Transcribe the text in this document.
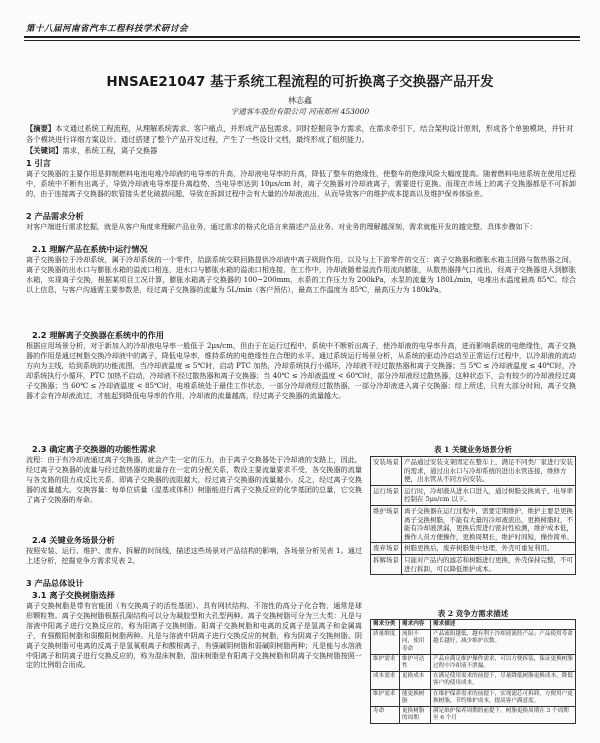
第十八届河南省汽车工程科技学术研讨会
HNSAE21047 基于系统工程流程的可折换离子交换器产品开发
林志鑫
宇通客车股份有限公司 河南郑州 453000
【摘要】本文通过系统工程流程，从理解系统需求、客户痛点，并形成产品包需求。同时挖掘竞争方需求，在需求牵引下，结合架构设计原则，形成各个单独模块，并针对各个模块进行详细方案设计。通过搭建了整个产品开发过程，产生了一些设计文档，最终形成了组织能力。
【关键词】需求，系统工程，离子交换器
1 引言
离子交换器的主要作用是抑制燃料电池电堆冷却液的电导率的升高，冷却液电导率的升高，降低了整车的绝缘性，使整车的绝缘风险大幅度提高。随着燃料电池系统在使用过程中，系统中不断有出离子，导致冷却液电导率提升离趋势，当电导率达到 10μs/cm 时，离子交换器对冷却液离子，需要进行更换。而现在市场上的离子交换器都是不可拆卸的，由于连接离子交换器的软管接头老化破损问题，导致在拆卸过程中会有大量的冷却液流出，从而导致客户的维护成本提高以及维护保养体验差。
2 产品需求分析
对客户端进行需求挖掘，就是从客户角度来理解产品业务，通过需求的格式化语言来描述产品业务、对业务的理解越深刻，需求就能开发的越完整，具体步骤如下：
2.1 理解产品在系统中运行情况
离子交换器位于冷却系统，属于冷却系统的一个零件，给副系统交联回路提供冷却液中离子吸附作用，以及与上下游零件的交互：离子交换器和膨胀水箱主回路与散热器之间，离子交换器的出水口与膨胀水箱的溢流口相连，进水口与膨胀水箱的溢流口相连接，在工作中，冷却液随着溢流作用流向膨胀，从散热器排气口流出，经离子交换器进入到膨胀水箱，实现离子交换，根据某项目工况计算，膨胀水箱离子交换器的 100~200mm，水系的工作压力为 200kPa，水泵的流量为 180L/min，电堆出水温度最高 85℃。综合以上信息，与客户沟通需主要参数是，经过离子交换器的流量为 5L/min（客户预估），最高工作温度为 85℃，最高压力为 180kPa。
2.2 理解离子交换器在系统中的作用
根据应用场景分析，对于新加入的冷却液电导率一般低于 2μs/cm，但由于在运行过程中，系统中不断析出离子，使冷却液的电导率升高，进而影响系统的电绝缘性，离子交换器的作用是通过树脂交换冷却液中的离子，降低电导率，维持系统的电绝缘性在合理的水平。通过系统运行场景分析，从系统的驱动冷启动至正常运行过程中，以冷却液的流动方向为主线，给到系统的功能流图，当冷却液温度 ≤ 5℃时，启动 PTC 加热，冷却系统执行小循环，冷却液不经过散热器和离子交换器；当 5℃ ≤ 冷却液温度 ≤ 40℃时，冷却系统执行小循环，PTC 加热不启动，冷却液不经过散热器和离子交换器；当 40℃ ≤ 冷却液温度 < 60℃时，部分冷却液经过散热器，这种状态下，会有较少的冷却液经过离子交换器；当 60℃ ≤ 冷却液温度 < 85℃时，电堆系统处于最佳工作状态，一部分冷却液经过散热器，一部分冷却液进入离子交换器；综上所述，只有大部分时间，离子交换器才会有冷却液流过，才能起到降低电导率的作用，冷却液的流量越高，经过离子交换器的流量越大。
2.3 确定离子交换器的功能性需求
流程：由于有冷却液通过离子交换器，就会产生一定的压力，由于离子交换器处于冷却液的支路上，因此，经过离子交换器的流量与经过散热器的流量存在一定的分配关系，数设主要流量要求不受，各交换器的流量与各支路的阻力成反比关系，即离子交换器的流阻越大，经过离子交换器的流量越小。反之，经过离子交换器的流量越大。交换容量：每单位质量（湿基或体积）树脂能进行离子交换反应的化学基团的总量，它交换了离子交换器的寿命。
2.4 关键业务场景分析
按照安装、运行、维护、废弃、拆解的时间线，描述这些场景对产品结构的影响，各场景分析见表 1。通过上述分析，挖掘竞争方需求见表 2。
3 产品总体设计
3.1 离子交换树脂选择
离子交换树脂是带有官能团（有交换离子的活性基团）、具有网状结构、不溶性的高分子化合物，通常是球形颗粒物。离子交换树脂根据孔隙结构可以分为凝胶型和大孔型两种。离子交换树脂可分为三大类：凡是与溶液中阳离子进行交换反应的，称为阳离子交换树脂。阳离子交换树脂和电离的反离子是氢离子和金属离子，有强酸阳树脂和弱酸阳树脂两种。凡是与溶液中阴离子进行交换反应的树脂，称为阴离子交换树脂。阴离子交换树脂可电离的反离子是氢氧根离子和酸根离子，有强碱阴树脂和弱碱阴树脂两种；凡是能与水溶液中阳离子和阴离子进行交换反应的，称为混床树脂，混床树脂是有阳离子交换树脂和阴离子交换树脂按照一定的比例组合而成。
表 1 关键业务场景分析
安装场景	产品通过安装支架固定在整车上，满足不同类厂家进行安装的需求，通过出水口与冷却系统的进出水管连接，维修方便，出水管从不同方向安装。
运行场景	运行时，冷却液从进水口进入，通过树脂交换离子，电导率控制在 5μs/cm 以下。
维护场景	离子交换器在运行过程中，需要定期维护，维护主要是更换离子交换树脂，不能有大量的冷却液流出，更换树脂时，不能有冷却液泄漏，更换后需进行密封性检测，维护成本低，操作人员方便操作，更换周期长，维护时间短，操作简单。
废弃场景	树脂更换后，废弃树脂集中处理，外壳可重复利用。
拆解场景	只能对产品内的滤芯和树脂进行更换，外壳保持完整，不可进行拆卸，可以降低维护成本。
表 2 竞争方需求描述
需求分类	需求内容	需求描述
质量维度	流阻不同，使用寿命	产品流阻越低，越有利于冷却液流经产品；产品使用寿命越长越好，减少维护次数。
维护需求	维护可达性	产品应满足维护操作需求，可以方便拆装，保证更换树脂过程中冷却液不泄漏。
成本需求	更换成本	在满足使用需求的前提下，尽量降低树脂更换成本，降低客户的使用成本。
维护需求	能更换树脂	在维护保养需求的前提下，实现滤芯可拆卸，方便用户更换树脂，节约维护成本，提高客户满意度。
寿命	更换树脂的周期	满足维护保养周期的前提下，树脂更换周期在 3 个周期至 6 个月
